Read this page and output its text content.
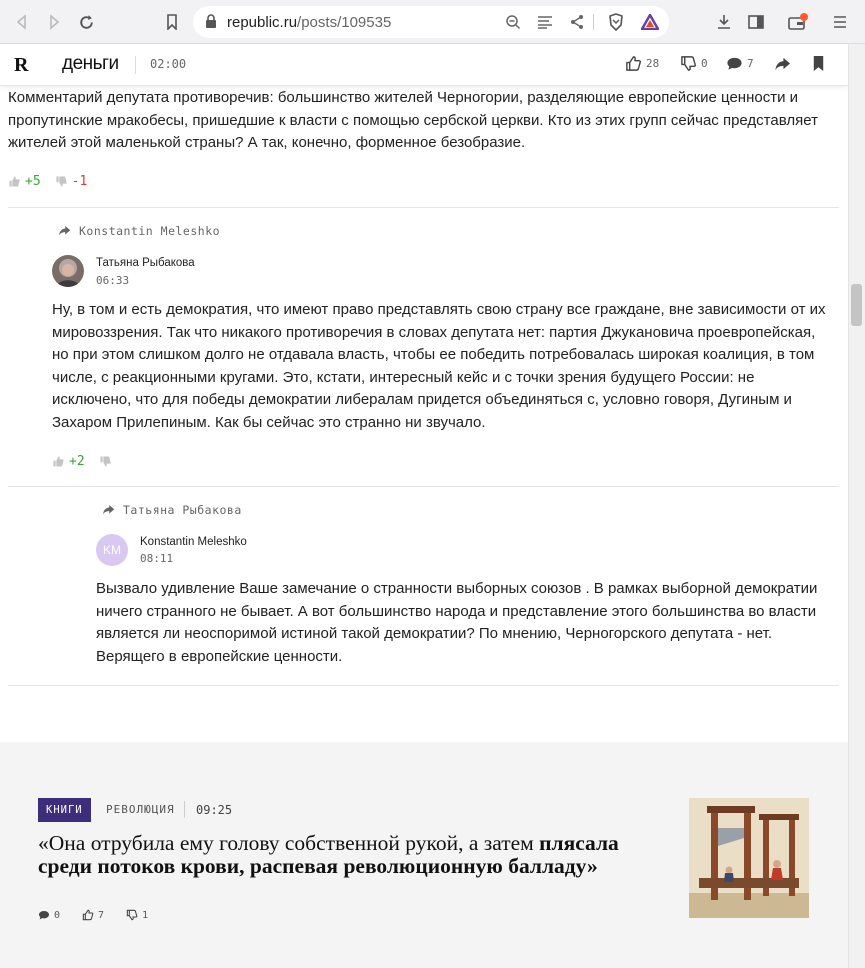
republic.ru/posts/109535
R деньги	02:00	28	0	7
Комментарий депутата противоречив: большинство жителей Черногории, разделяющие европейские ценности и пропутинские мракобесы, пришедшие к власти с помощью сербской церкви. Кто из этих групп сейчас представляет жителей этой маленькой страны? А так, конечно, форменное безобразие.
+5 -1
Konstantin Meleshko
Татьяна Рыбакова
06:33
Ну, в том и есть демократия, что имеют право представлять свою страну все граждане, вне зависимости от их мировоззрения. Так что никакого противоречия в словах депутата нет: партия Джукановича проевропейская, но при этом слишком долго не отдавала власть, чтобы ее победить потребовалась широкая коалиция, в том числе, с реакционными кругами. Это, кстати, интересный кейс и с точки зрения будущего России: не исключено, что для победы демократии либералам придется объединяться с, условно говоря, Дугиным и Захаром Прилепиным. Как бы сейчас это странно ни звучало.
+2
Татьяна Рыбакова
KM
Konstantin Meleshko
08:11
Вызвало удивление Ваше замечание о странности выборных союзов . В рамках выборной демократии ничего странного не бывает. А вот большинство народа и представление этого большинства во власти является ли неоспоримой истиной такой демократии? По мнению, Черногорского депутата - нет. Верящего в европейские ценности.
КНИГИ	РЕВОЛЮЦИЯ 09:25
«Она отрубила ему голову собственной рукой, а затем плясала среди потоков крови, распевая революционную балладу»
0	7	1
